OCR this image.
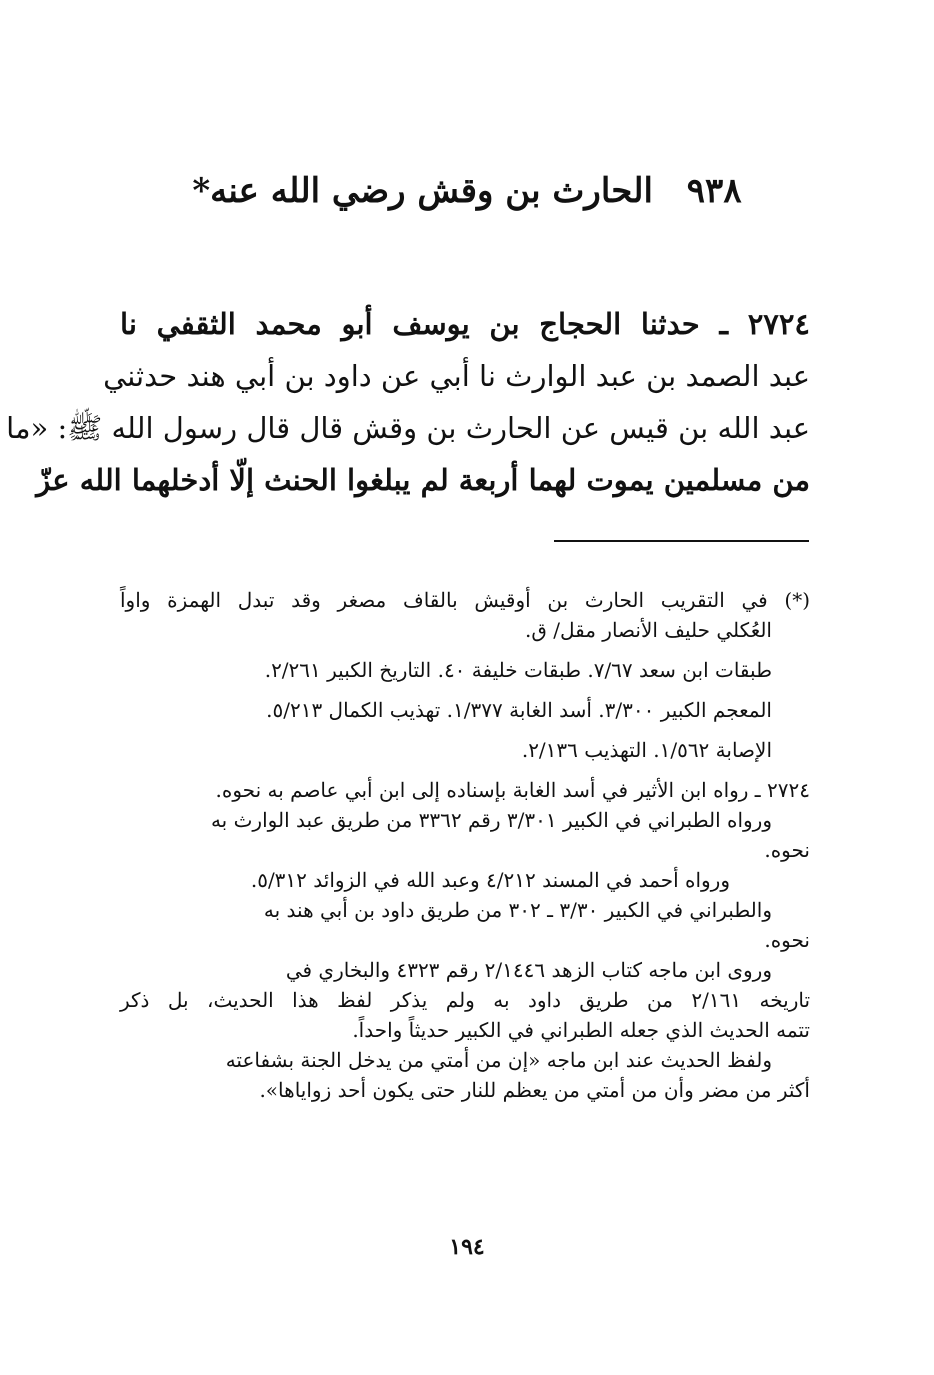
٩٣٨ الحارث بن وقش رضي الله عنه*
٢٧٢٤ ـ حدثنا الحجاج بن يوسف أبو محمد الثقفي نا
عبد الصمد بن عبد الوارث نا أبي عن داود بن أبي هند حدثني
عبد الله بن قيس عن الحارث بن وقش قال قال رسول الله ﷺ: «ما
من مسلمين يموت لهما أربعة لم يبلغوا الحنث إلّا أدخلهما الله عزّ
(*) في التقريب الحارث بن أوقيش بالقاف مصغر وقد تبدل الهمزة واواً
العُكلي حليف الأنصار مقل/ ق.
طبقات ابن سعد ٧/٦٧. طبقات خليفة ٤٠. التاريخ الكبير ٢/٢٦١.
المعجم الكبير ٣/٣٠٠. أسد الغابة ١/٣٧٧. تهذيب الكمال ٥/٢١٣.
الإصابة ١/٥٦٢. التهذيب ٢/١٣٦.
٢٧٢٤ ـ رواه ابن الأثير في أسد الغابة بإسناده إلى ابن أبي عاصم به نحوه.
ورواه الطبراني في الكبير ٣/٣٠١ رقم ٣٣٦٢ من طريق عبد الوارث به
نحوه.
ورواه أحمد في المسند ٤/٢١٢ وعبد الله في الزوائد ٥/٣١٢.
والطبراني في الكبير ٣/٣٠ ـ ٣٠٢ من طريق داود بن أبي هند به
نحوه.
وروى ابن ماجه كتاب الزهد ٢/١٤٤٦ رقم ٤٣٢٣ والبخاري في
تاريخه ٢/١٦١ من طريق داود به ولم يذكر لفظ هذا الحديث، بل ذكر
تتمه الحديث الذي جعله الطبراني في الكبير حديثاً واحداً.
ولفظ الحديث عند ابن ماجه «إن من أمتي من يدخل الجنة بشفاعته
أكثر من مضر وأن من أمتي من يعظم للنار حتى يكون أحد زواياها».
١٩٤
